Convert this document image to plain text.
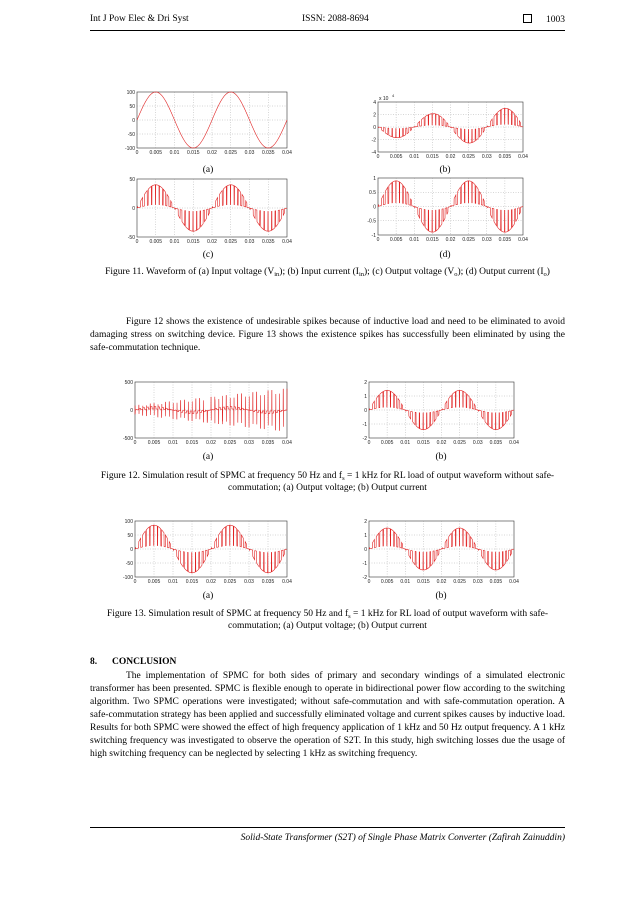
Int J Pow Elec & Dri Syst	ISSN: 2088-8694	1003
0 0.005 0.01 0.015 0.02 0.025 0.03 0.035 0.04
100
50
0
-50
-100
0 0.005 0.01 0.015 0.02 0.025 0.03 0.035 0.04
4
2
0
-2
-4
x 10
4
(a)	(b)
0 0.005 0.01 0.015 0.02 0.025 0.03 0.035 0.04
50
0
-50	0 0.005 0.01 0.015 0.02 0.025 0.03 0.035 0.04
1
0.5
0
-0.5
-1
(c)	(d)
Figure 11. Waveform of (a) Input voltage $(V_{in})$; (b) Input current $(I_{in})$; (c) Output voltage $(V_o)$; (d) Output current $(I_o)$
Figure 12 shows the existence of undesirable spikes because of inductive load and need to be eliminated to avoid damaging stress on switching device. Figure 13 shows the existence spikes has successfully been eliminated by using the safe-commutation technique.
0 0.005 0.01 0.015 0.02 0.025 0.03 0.035 0.04
500
0
-500
0 0.005 0.01 0.015 0.02 0.025 0.03 0.035 0.04
2
1
0
-1
-2
(a)	(b)
Figure 12. Simulation result of SPMC at frequency 50 Hz and $f_s = 1$ kHz for RL load of output waveform without safe-commutation; (a) Output voltage; (b) Output current
0 0.005 0.01 0.015 0.02 0.025 0.03 0.035 0.04
100
50
0
-50
-100
0 0.005 0.01 0.015 0.02 0.025 0.03 0.035 0.04
2
1
0
-1
-2
(a)	(b)
Figure 13. Simulation result of SPMC at frequency 50 Hz and $f_s = 1$ kHz for RL load of output waveform with safe-commutation; (a) Output voltage; (b) Output current
8. CONCLUSION
The implementation of SPMC for both sides of primary and secondary windings of a simulated electronic transformer has been presented. SPMC is flexible enough to operate in bidirectional power flow according to the switching algorithm. Two SPMC operations were investigated; without safe-commutation and with safe-commutation operation. A safe-commutation strategy has been applied and successfully eliminated voltage and current spikes causes by inductive load. Results for both SPMC were showed the effect of high frequency application of 1 kHz and 50 Hz output frequency. A 1 kHz switching frequency was investigated to observe the operation of S2T. In this study, high switching losses due the usage of high switching frequency can be neglected by selecting 1 kHz as switching frequency.
Solid-State Transformer (S2T) of Single Phase Matrix Converter (Zafirah Zainuddin)
